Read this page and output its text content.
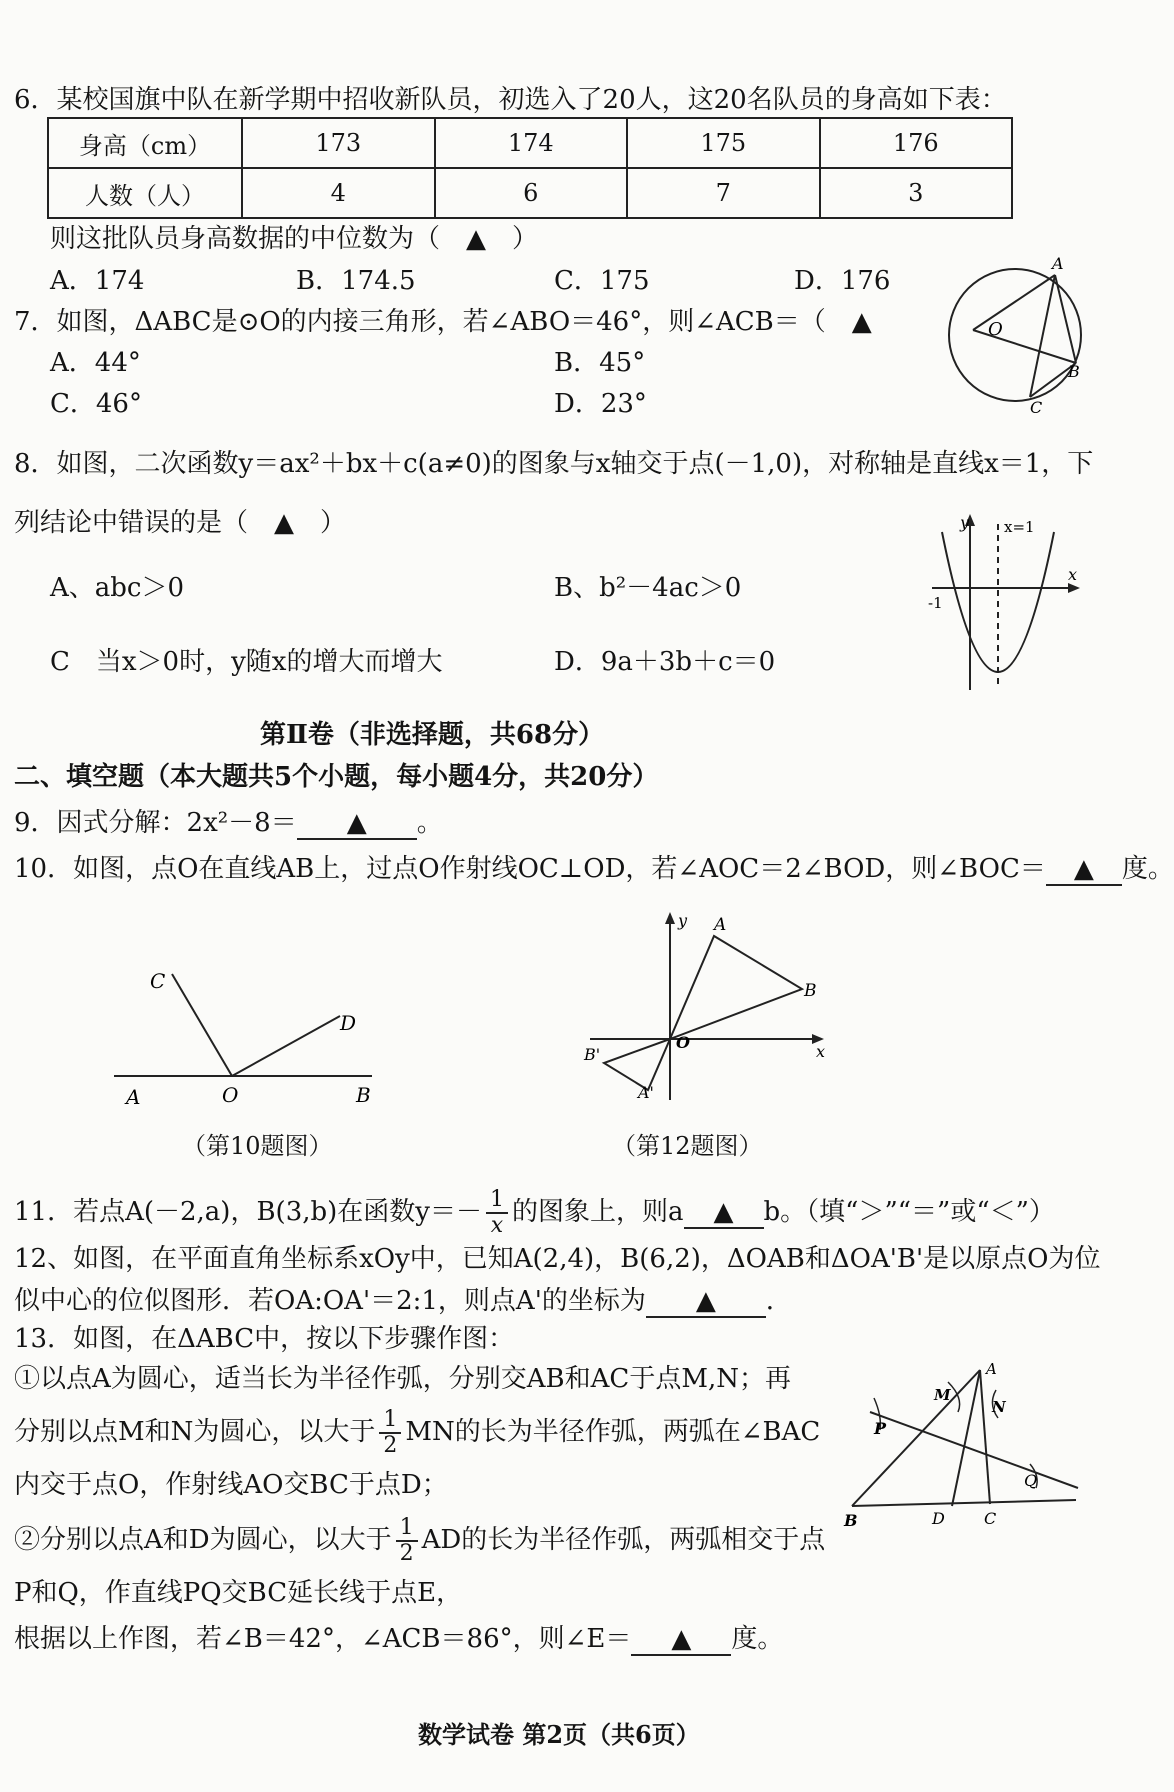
6．某校国旗中队在新学期中招收新队员，初选入了20人，这20名队员的身高如下表：
身高（cm）	173	174	175	176
人数（人）	4	6	7	3
则这批队员身高数据的中位数为（　▲　）
A．174	B．174.5	C．175	D．176
7．如图，ΔABC是⊙O的内接三角形，若∠ABO＝46°，则∠ACB＝（　▲
A．44°	B．45°
C．46°	D．23°
O
A
B
C
8．如图，二次函数y＝ax²＋bx＋c(a≠0)的图象与x轴交于点(－1,0)，对称轴是直线x＝1，下
列结论中错误的是（　▲　）
A、abc＞0	B、b²－4ac＞0
C　当x＞0时，y随x的增大而增大	D．9a＋3b＋c＝0
y
x
x=1
-1
第Ⅱ卷（非选择题，共68分）
二、填空题（本大题共5个小题，每小题4分，共20分）
9．因式分解：2x²－8＝ ▲ 。
10．如图，点O在直线AB上，过点O作射线OC⊥OD，若∠AOC＝2∠BOD，则∠BOC＝ ▲ 度。
C
D
A	O	B
（第10题图）
y
x
O
A
B
B'
A'
（第12题图）
11．若点A(－2,a)，B(3,b)在函数$y=- \frac{1}{x}$ 的图象上，则a ▲ b。（填“＞”“＝”或“＜”）
12、如图，在平面直角坐标系xOy中，已知A(2,4)，B(6,2)，ΔOAB和ΔOA'B'是以原点O为位
似中心的位似图形．若OA:OA'＝2:1，则点A'的坐标为 ▲ ．
13．如图，在ΔABC中，按以下步骤作图：
①以点A为圆心，适当长为半径作弧，分别交AB和AC于点M,N；再
分别以点M和N为圆心，以大于 $\frac{1}{2}$ MN的长为半径作弧，两弧在∠BAC
内交于点O，作射线AO交BC于点D；
②分别以点A和D为圆心，以大于 $\frac{1}{2}$ AD的长为半径作弧，两弧相交于点
P和Q，作直线PQ交BC延长线于点E，
根据以上作图，若∠B＝42°，∠ACB＝86°，则∠E＝ ▲ 度。
A
M
N
P
Q
B	D C
数学试卷 第2页（共6页）
